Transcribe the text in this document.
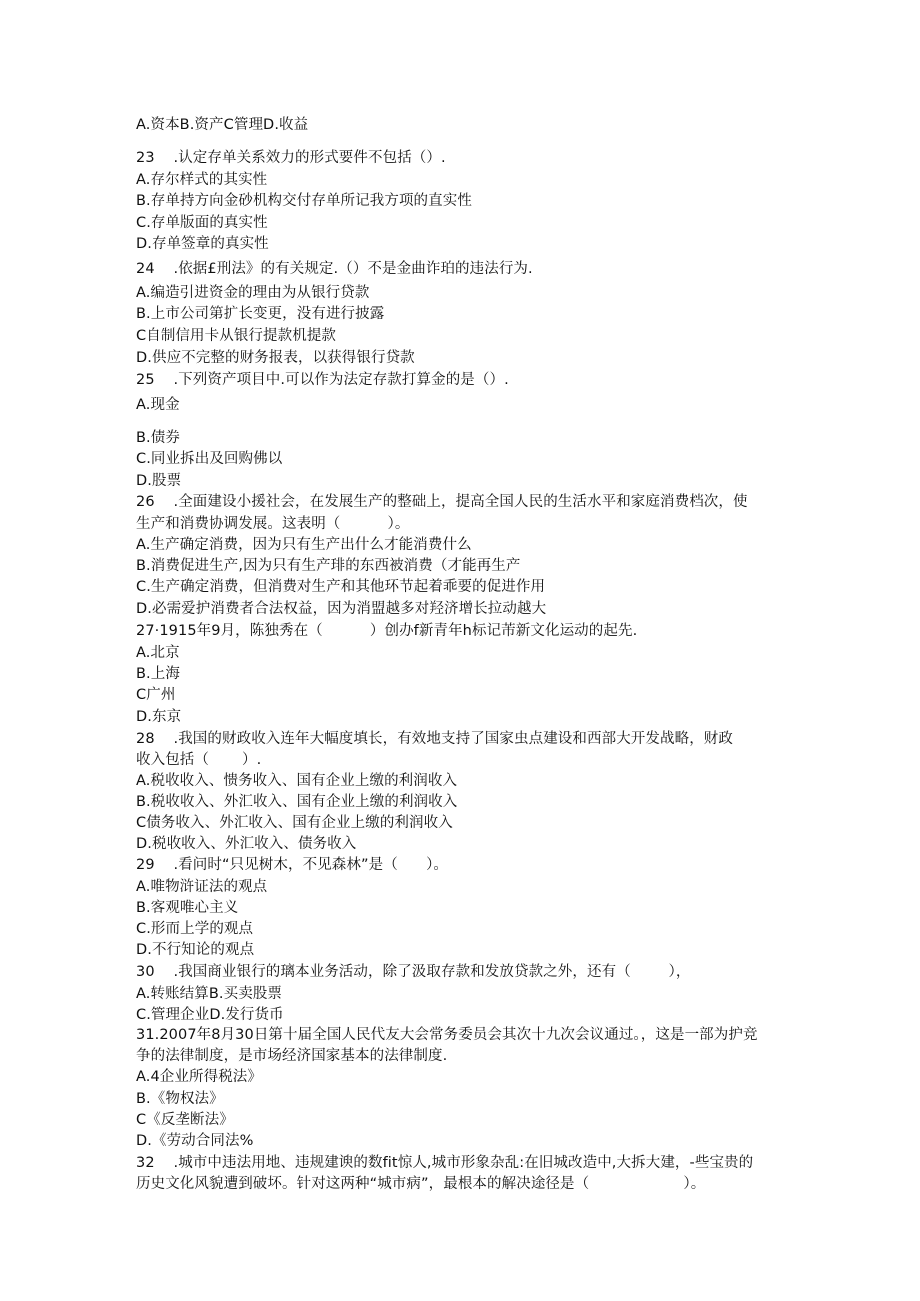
A.资本B.资产C管理D.收益
23    .认定存单关系效力的形式要件不包括（）.
A.存尔样式的其实性
B.存单持方向金砂机构交付存单所记我方项的直实性
C.存单版面的真实性
D.存单签章的真实性
24    .依据£刑法》的有关规定.（）不是金曲诈珀的违法行为.
A.编造引进资金的理由为从银行贷款
B.上市公司第扩长变更，没有进行披露
C自制信用卡从银行提款机提款
D.供应不完整的财务报表，以获得银行贷款
25    .下列资产项目中.可以作为法定存款打算金的是（）.
A.现金
B.债券
C.同业拆出及回购佛以
D.股票
26    .全面建设小援社会，在发展生产的整础上，提高全国人民的生活水平和家庭消费档次，使
生产和消费协调发展。这表明（          ）。
A.生产确定消费，因为只有生产出什么才能消费什么
B.消费促进生产,因为只有生产琲的东西被消费（才能再生产
C.生产确定消费，但消费对生产和其他环节起着乖要的促进作用
D.必需爱护消费者合法权益，因为消盟越多对羟济增长拉动越大
27·1915年9月，陈独秀在（          ）创办f新青年h标记芾新文化运动的起先.
A.北京
B.上海
C广州
D.东京
28    .我国的财政收入连年大幅度填长，有效地支持了国家虫点建设和西部大开发战略，财政
收入包括（       ）.
A.税收收入、愦务收入、国有企业上缴的利润收入
B.税收收入、外汇收入、国有企业上缴的利润收入
C债务收入、外汇收入、国有企业上缴的利润收入
D.税收收入、外汇收入、债务收入
29    .看问时“只见树木，不见森林”是（      ）。
A.唯物浒证法的观点
B.客观唯心主义
C.形而上学的观点
D.不行知论的观点
30    .我国商业银行的璃本业务活动，除了汲取存款和发放贷款之外，还有（        ），
A.转账结算B.买卖股票
C.管理企业D.发行货币
31.2007年8月30日第十届全国人民代友大会常务委员会其次十九次会议通过。，这是一部为护竞
争的法律制度，是市场经济国家基本的法律制度.
A.4企业所得税法》
B.《物权法》
C《反垄断法》
D.《劳动合同法%
32    .城市中违法用地、违规建谀的数fit惊人,城市形象杂乱:在旧城改造中,大拆大建，-些宝贵的
历史文化风貌遭到破坏。针对这两种“城市病”，最根本的解决途径是（                    ）。
